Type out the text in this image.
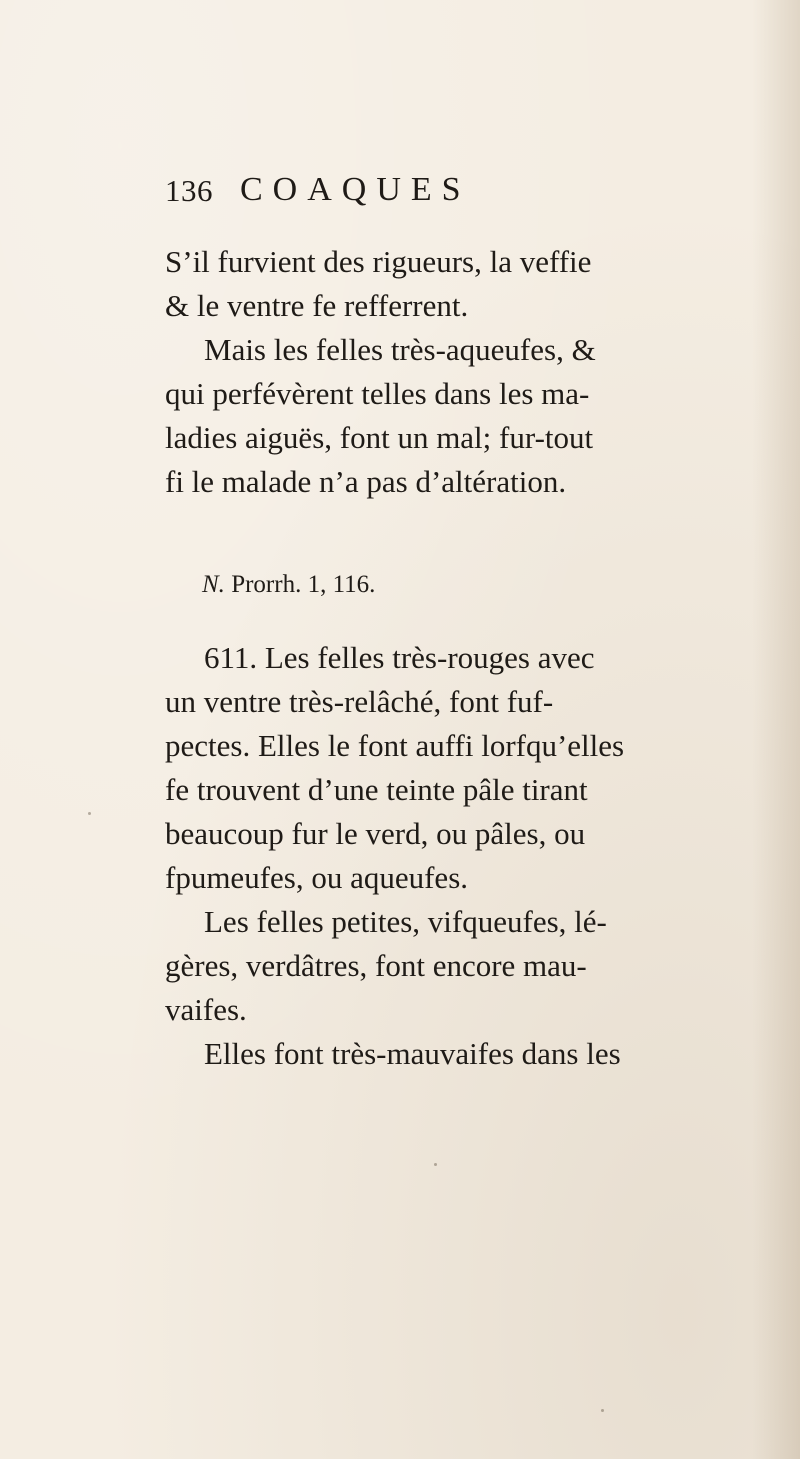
136 COAQUES
S’il furvient des rigueurs, la veffie
& le ventre fe refferrent.
Mais les felles très-aqueufes, &
qui perfévèrent telles dans les ma-
ladies aiguës, font un mal; fur-tout
fi le malade n’a pas d’altération.
N. Prorrh. 1, 116.
611. Les felles très-rouges avec
un ventre très-relâché, font fuf-
pectes. Elles le font auffi lorfqu’elles
fe trouvent d’une teinte pâle tirant
beaucoup fur le verd, ou pâles, ou
fpumeufes, ou aqueufes.
Les felles petites, vifqueufes, lé-
gères, verdâtres, font encore mau-
vaifes.
Elles font très-mauvaifes dans les
